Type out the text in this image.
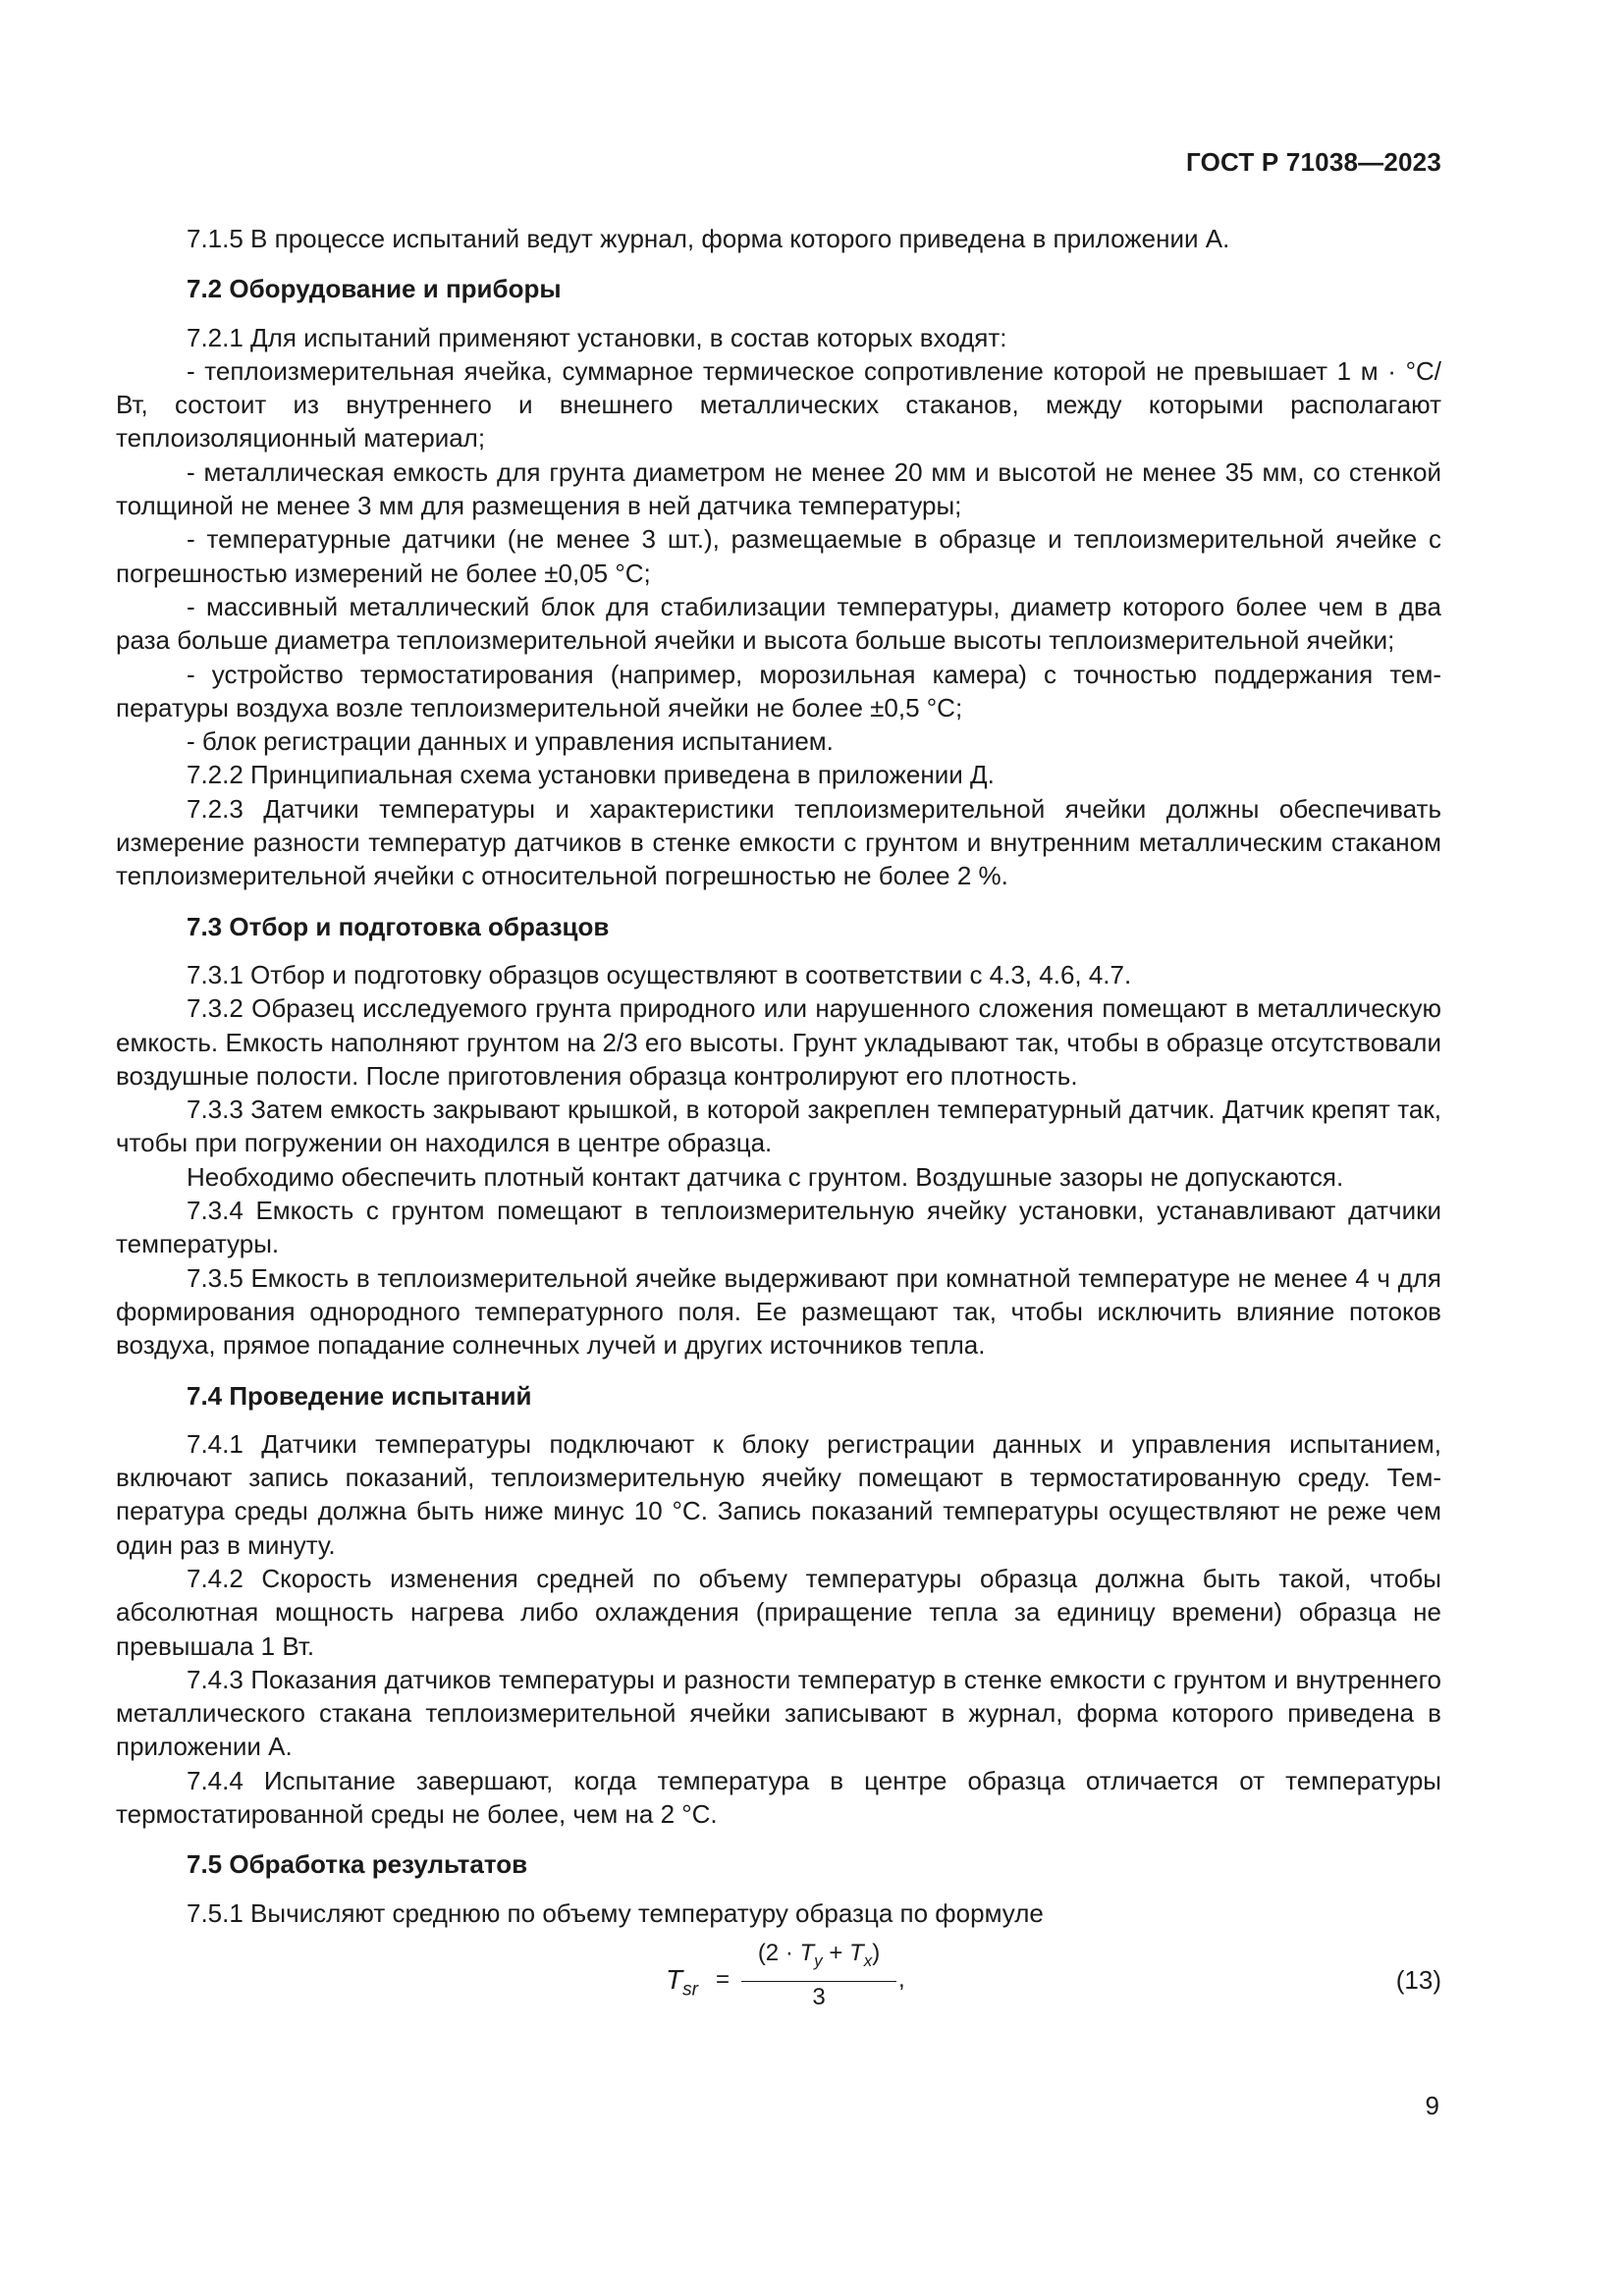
ГОСТ Р 71038—2023

7.1.5 В процессе испытаний ведут журнал, форма которого приведена в приложении А.

7.2 Оборудование и приборы

7.2.1 Для испытаний применяют установки, в состав которых входят:

- теплоизмерительная ячейка, суммарное термическое сопротивление которой не превышает 1 м · °С/Вт, состоит из внутреннего и внешнего металлических стаканов, между которыми располагают теплоизоляционный материал;

- металлическая емкость для грунта диаметром не менее 20 мм и высотой не менее 35 мм, со стенкой толщиной не менее 3 мм для размещения в ней датчика температуры;

- температурные датчики (не менее 3 шт.), размещаемые в образце и теплоизмерительной ячейке с погрешностью измерений не более ±0,05 °С;

- массивный металлический блок для стабилизации температуры, диаметр которого более чем в два раза больше диаметра теплоизмерительной ячейки и высота больше высоты теплоизмерительной ячейки;

- устройство термостатирования (например, морозильная камера) с точностью поддержания температуры воздуха возле теплоизмерительной ячейки не более ±0,5 °С;

- блок регистрации данных и управления испытанием.

7.2.2 Принципиальная схема установки приведена в приложении Д.

7.2.3 Датчики температуры и характеристики теплоизмерительной ячейки должны обеспечивать измерение разности температур датчиков в стенке емкости с грунтом и внутренним металлическим стаканом теплоизмерительной ячейки с относительной погрешностью не более 2 %.

7.3 Отбор и подготовка образцов

7.3.1 Отбор и подготовку образцов осуществляют в соответствии с 4.3, 4.6, 4.7.

7.3.2 Образец исследуемого грунта природного или нарушенного сложения помещают в металлическую емкость. Емкость наполняют грунтом на 2/3 его высоты. Грунт укладывают так, чтобы в образце отсутствовали воздушные полости. После приготовления образца контролируют его плотность.

7.3.3 Затем емкость закрывают крышкой, в которой закреплен температурный датчик. Датчик крепят так, чтобы при погружении он находился в центре образца.

Необходимо обеспечить плотный контакт датчика с грунтом. Воздушные зазоры не допускаются.

7.3.4 Емкость с грунтом помещают в теплоизмерительную ячейку установки, устанавливают датчики температуры.

7.3.5 Емкость в теплоизмерительной ячейке выдерживают при комнатной температуре не менее 4 ч для формирования однородного температурного поля. Ее размещают так, чтобы исключить влияние потоков воздуха, прямое попадание солнечных лучей и других источников тепла.

7.4 Проведение испытаний

7.4.1 Датчики температуры подключают к блоку регистрации данных и управления испытанием, включают запись показаний, теплоизмерительную ячейку помещают в термостатированную среду. Температура среды должна быть ниже минус 10 °С. Запись показаний температуры осуществляют не реже чем один раз в минуту.

7.4.2 Скорость изменения средней по объему температуры образца должна быть такой, чтобы абсолютная мощность нагрева либо охлаждения (приращение тепла за единицу времени) образца не превышала 1 Вт.

7.4.3 Показания датчиков температуры и разности температур в стенке емкости с грунтом и внутреннего металлического стакана теплоизмерительной ячейки записывают в журнал, форма которого приведена в приложении А.

7.4.4 Испытание завершают, когда температура в центре образца отличается от температуры термостатированной среды не более, чем на 2 °С.

7.5 Обработка результатов

7.5.1 Вычисляют среднюю по объему температуру образца по формуле

$T_{sr} = \frac{(2 \cdot T_y + T_x)}{3}$ ,	(13)
9
